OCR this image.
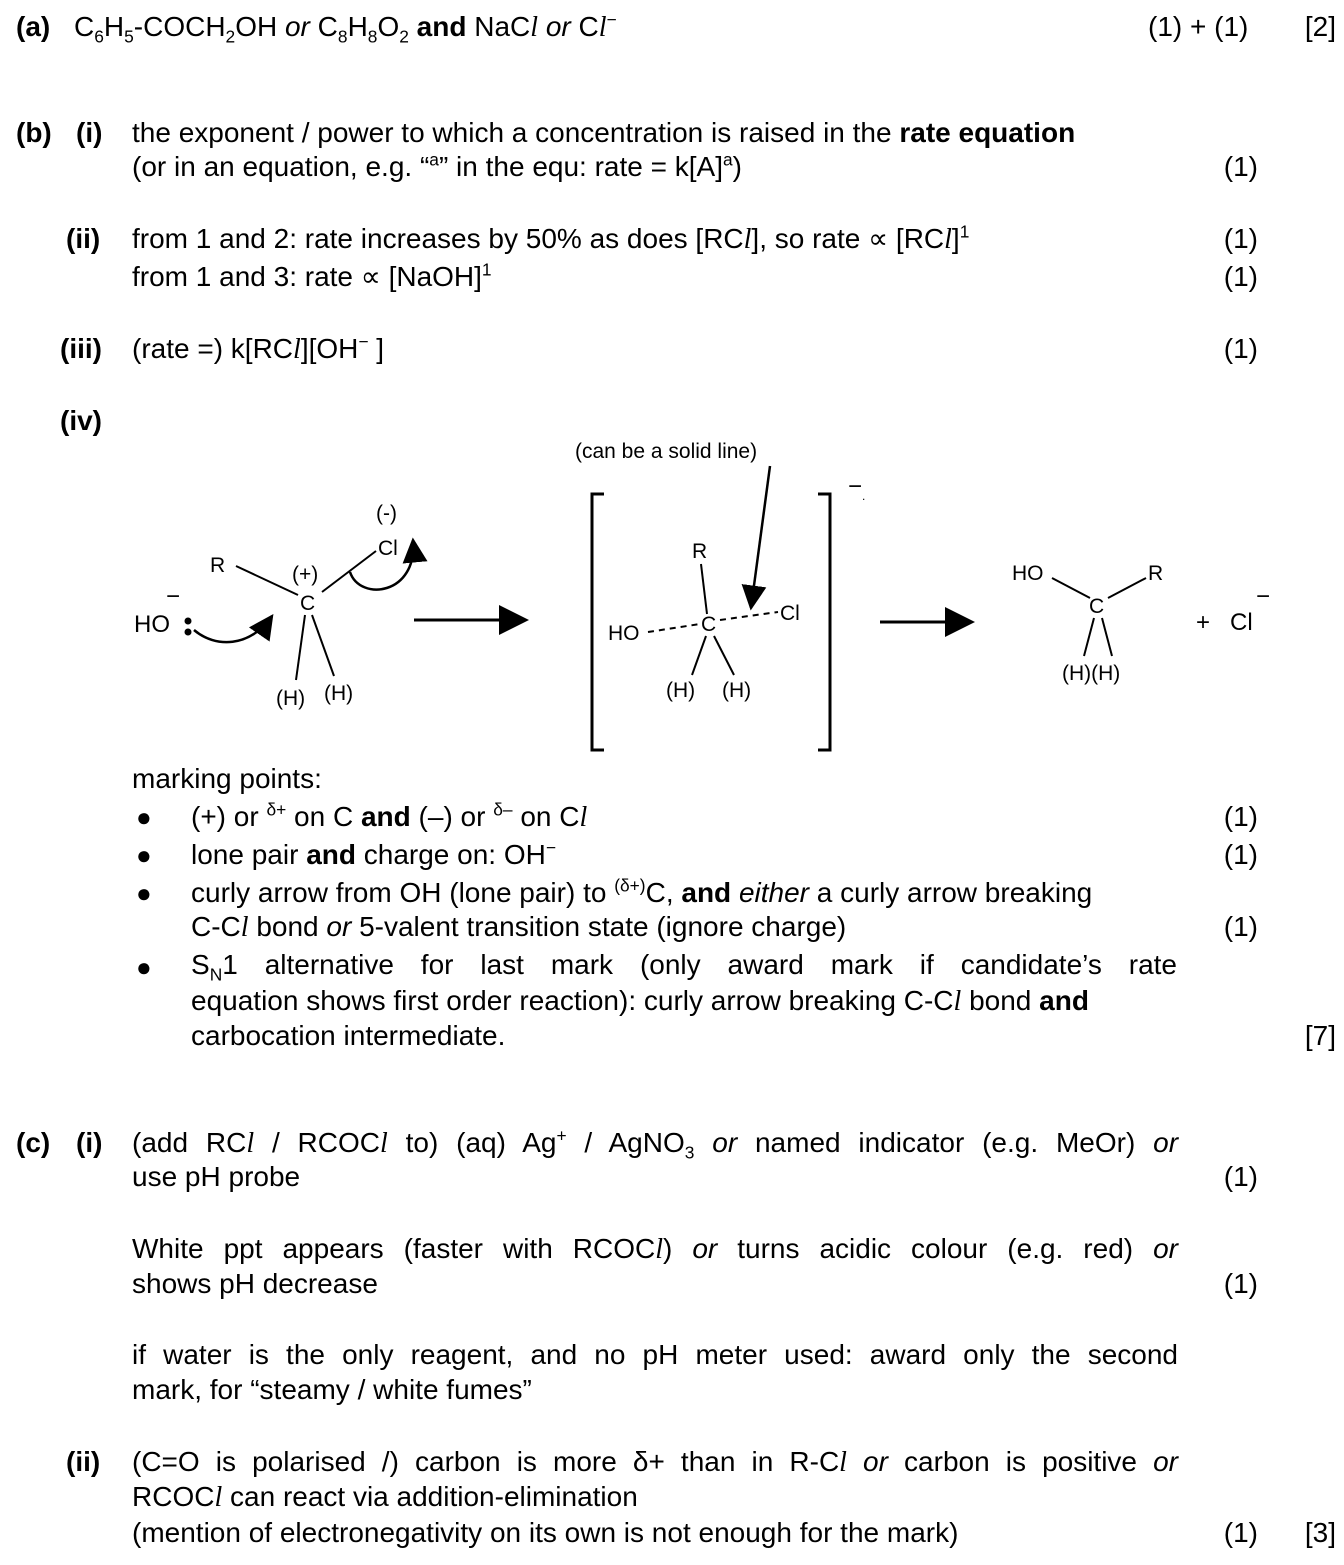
(a) $C_6H_5-COCH_2OH$ or $C_8H_8O_2$ and NaCl or Cl−	(1) + (1)	[2]
(b) (i) the exponent / power to which a concentration is raised in the rate equation
(or in an equation, e.g. “$^a$” in the equ: rate = $k[A]^a$)	(1)
(ii) from 1 and 2: rate increases by 50% as does [RCl], so rate ∝ [RCl]$^1$	(1)
from 1 and 3: rate ∝ [NaOH]$^1$	(1)
(iii) (rate =) k[RCl][OH− ]	(1)
(iv)
HO
−
R
C
(+)
Cl
(-)
(H) (H)
− .
(can be a solid line)
R
C
HO
Cl
(H) (H)
HO	R
C
(H)(H)
+ Cl
−
marking points:
● (+) or $^{\delta+}$ on C and (–) or $^{\delta-}$ on Cl	(1)
● lone pair and charge on: OH−	(1)
● curly arrow from OH (lone pair) to $^{(\delta+)}$C, and either a curly arrow breaking
C-Cl bond or 5-valent transition state (ignore charge)	(1)
● $S_N1$ alternative for last mark (only award mark if candidate’s rate
equation shows first order reaction): curly arrow breaking C-Cl bond and
carbocation intermediate.	[7]
(c) (i) (add RCl / RCOCl to) (aq) Ag+ / AgNO$_3$ or named indicator (e.g. MeOr) or
use pH probe	(1)
White ppt appears (faster with RCOCl) or turns acidic colour (e.g. red) or
shows pH decrease	(1)
if water is the only reagent, and no pH meter used: award only the second
mark, for “steamy / white fumes”
(ii) (C=O is polarised /) carbon is more δ+ than in R-Cl or carbon is positive or
RCOCl can react via addition-elimination
(mention of electronegativity on its own is not enough for the mark)	(1)	[3]
